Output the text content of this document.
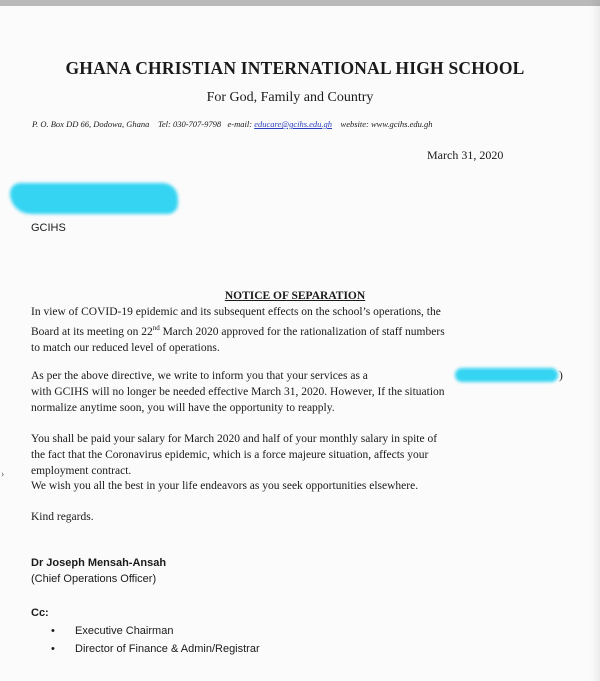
GHANA CHRISTIAN INTERNATIONAL HIGH SCHOOL
For God, Family and Country
P. O. Box DD 66, Dodowa, Ghana Tel: 030-707-9798 e-mail: educare@gcihs.edu.gh website: www.gcihs.edu.gh
March 31, 2020
GCIHS
NOTICE OF SEPARATION
In view of COVID-19 epidemic and its subsequent effects on the school’s operations, the
Board at its meeting on 22nd March 2020 approved for the rationalization of staff numbers
to match our reduced level of operations.
As per the above directive, we write to inform you that your services as a	)
with GCIHS will no longer be needed effective March 31, 2020. However, If the situation
normalize anytime soon, you will have the opportunity to reapply.
You shall be paid your salary for March 2020 and half of your monthly salary in spite of
the fact that the Coronavirus epidemic, which is a force majeure situation, affects your
employment contract.
›
We wish you all the best in your life endeavors as you seek opportunities elsewhere.
Kind regards.
Dr Joseph Mensah-Ansah
(Chief Operations Officer)
Cc:
• Executive Chairman
• Director of Finance & Admin/Registrar
